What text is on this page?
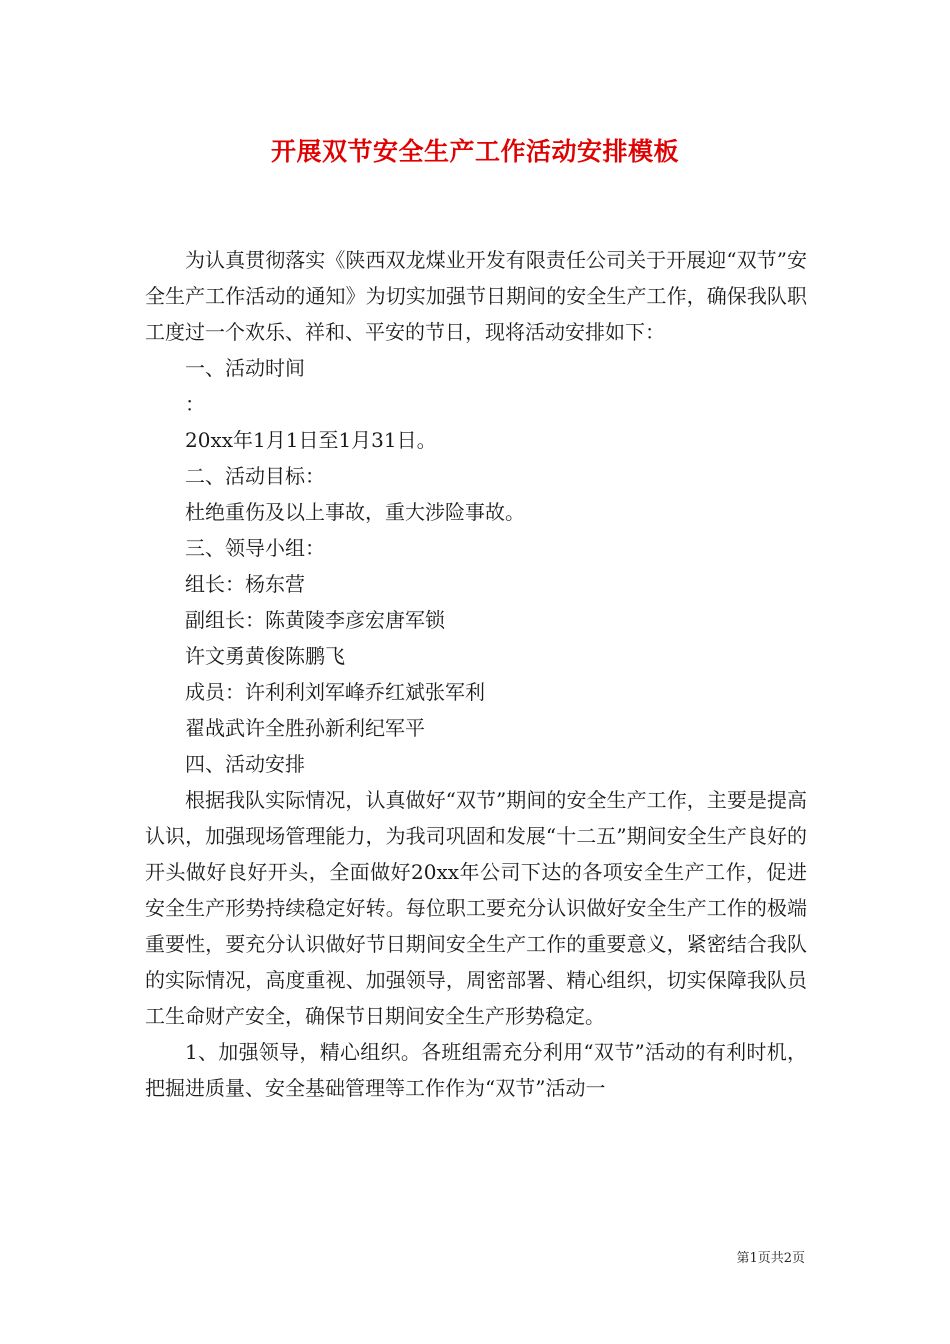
开展双节安全生产工作活动安排模板

为认真贯彻落实《陕西双龙煤业开发有限责任公司关于开展迎“双节”安全生产工作活动的通知》为切实加强节日期间的安全生产工作，确保我队职工度过一个欢乐、祥和、平安的节日，现将活动安排如下：

一、活动时间

：

20xx年1月1日至1月31日。

二、活动目标：

杜绝重伤及以上事故，重大涉险事故。

三、领导小组：

组长：杨东营

副组长：陈黄陵李彦宏唐军锁

许文勇黄俊陈鹏飞

成员：许利利刘军峰乔红斌张军利

翟战武许全胜孙新利纪军平

四、活动安排

根据我队实际情况，认真做好“双节”期间的安全生产工作，主要是提高认识，加强现场管理能力，为我司巩固和发展“十二五”期间安全生产良好的开头做好良好开头，全面做好20xx年公司下达的各项安全生产工作，促进安全生产形势持续稳定好转。每位职工要充分认识做好安全生产工作的极端重要性，要充分认识做好节日期间安全生产工作的重要意义，紧密结合我队的实际情况，高度重视、加强领导，周密部署、精心组织，切实保障我队员工生命财产安全，确保节日期间安全生产形势稳定。

1、加强领导，精心组织。各班组需充分利用“双节”活动的有利时机，把掘进质量、安全基础管理等工作作为“双节”活动一

第1页共2页
